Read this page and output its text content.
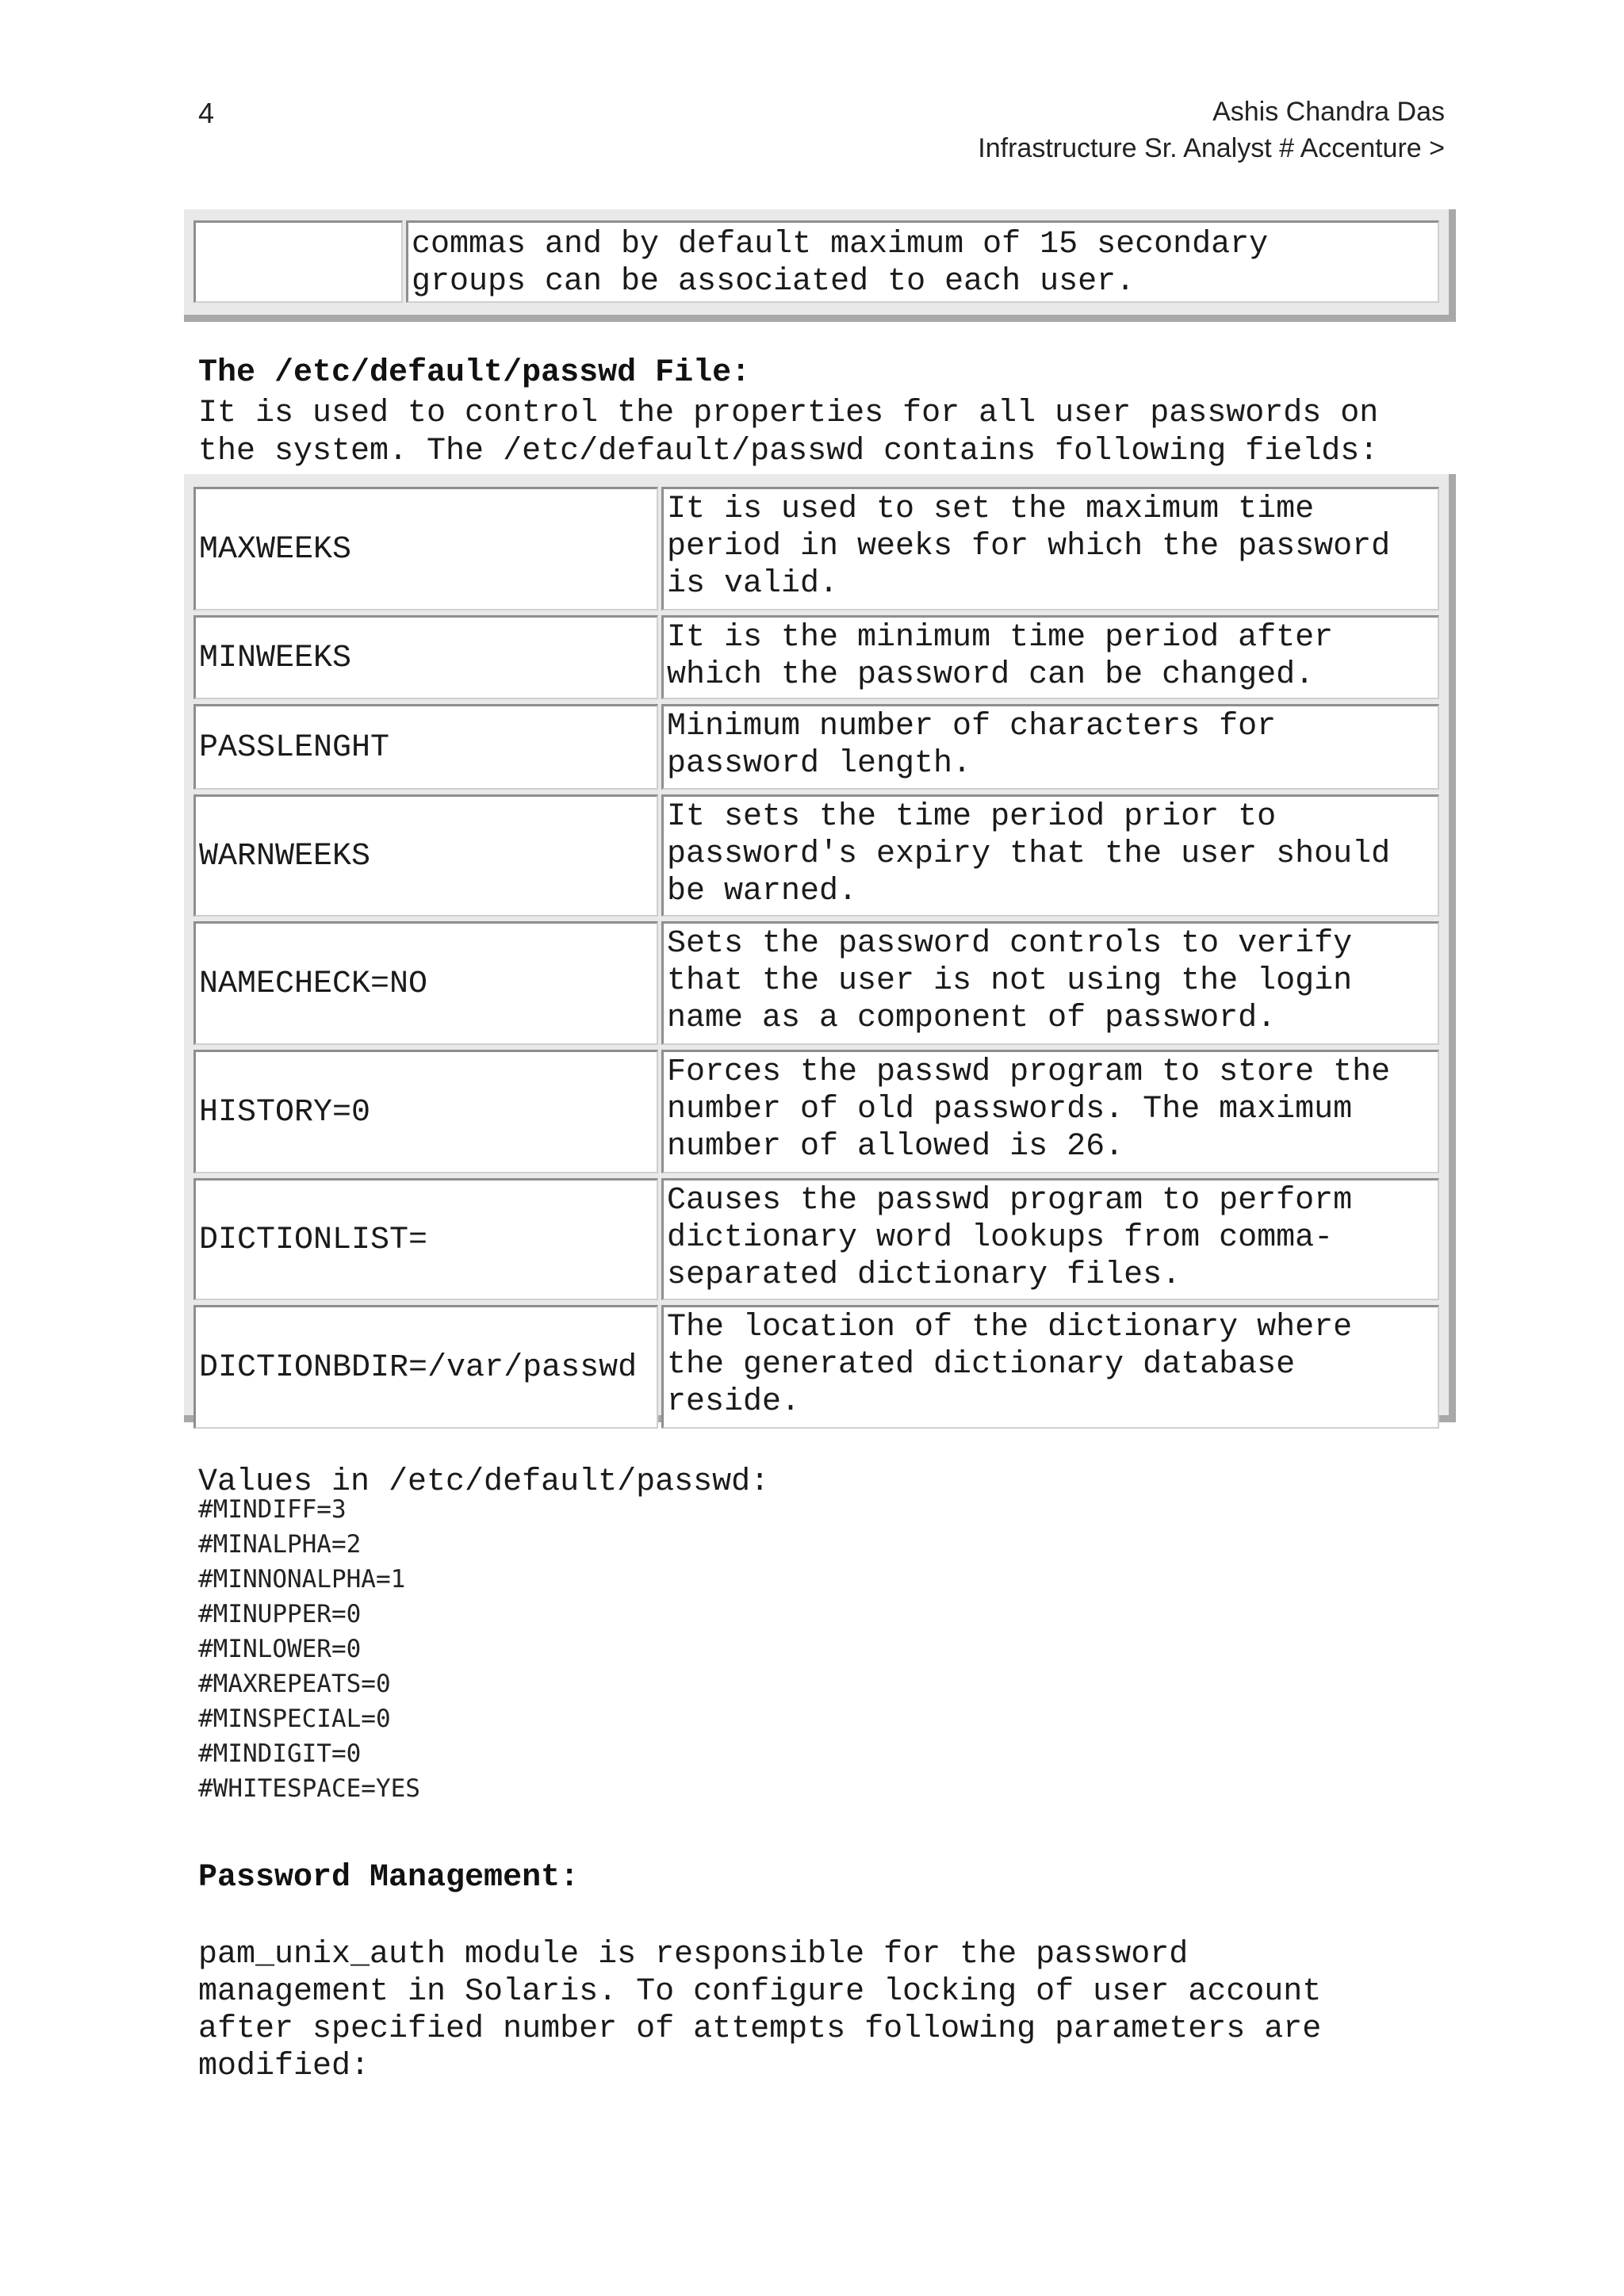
4	Ashis Chandra Das
Infrastructure Sr. Analyst # Accenture >
commas and by default maximum of 15 secondary
groups can be associated to each user.
The /etc/default/passwd File:
It is used to control the properties for all user passwords on
the system. The /etc/default/passwd contains following fields:
MAXWEEKS
It is used to set the maximum time
period in weeks for which the password
is valid.
MINWEEKS
It is the minimum time period after
which the password can be changed.
PASSLENGHT
Minimum number of characters for
password length.
WARNWEEKS
It sets the time period prior to
password's expiry that the user should
be warned.
NAMECHECK=NO
Sets the password controls to verify
that the user is not using the login
name as a component of password.
HISTORY=0
Forces the passwd program to store the
number of old passwords. The maximum
number of allowed is 26.
DICTIONLIST=
Causes the passwd program to perform
dictionary word lookups from comma-
separated dictionary files.
DICTIONBDIR=/var/passwd
The location of the dictionary where
the generated dictionary database
reside.
Values in /etc/default/passwd:
#MINDIFF=3
#MINALPHA=2
#MINNONALPHA=1
#MINUPPER=0
#MINLOWER=0
#MAXREPEATS=0
#MINSPECIAL=0
#MINDIGIT=0
#WHITESPACE=YES
Password Management:
pam_unix_auth module is responsible for the password
management in Solaris. To configure locking of user account
after specified number of attempts following parameters are
modified:
